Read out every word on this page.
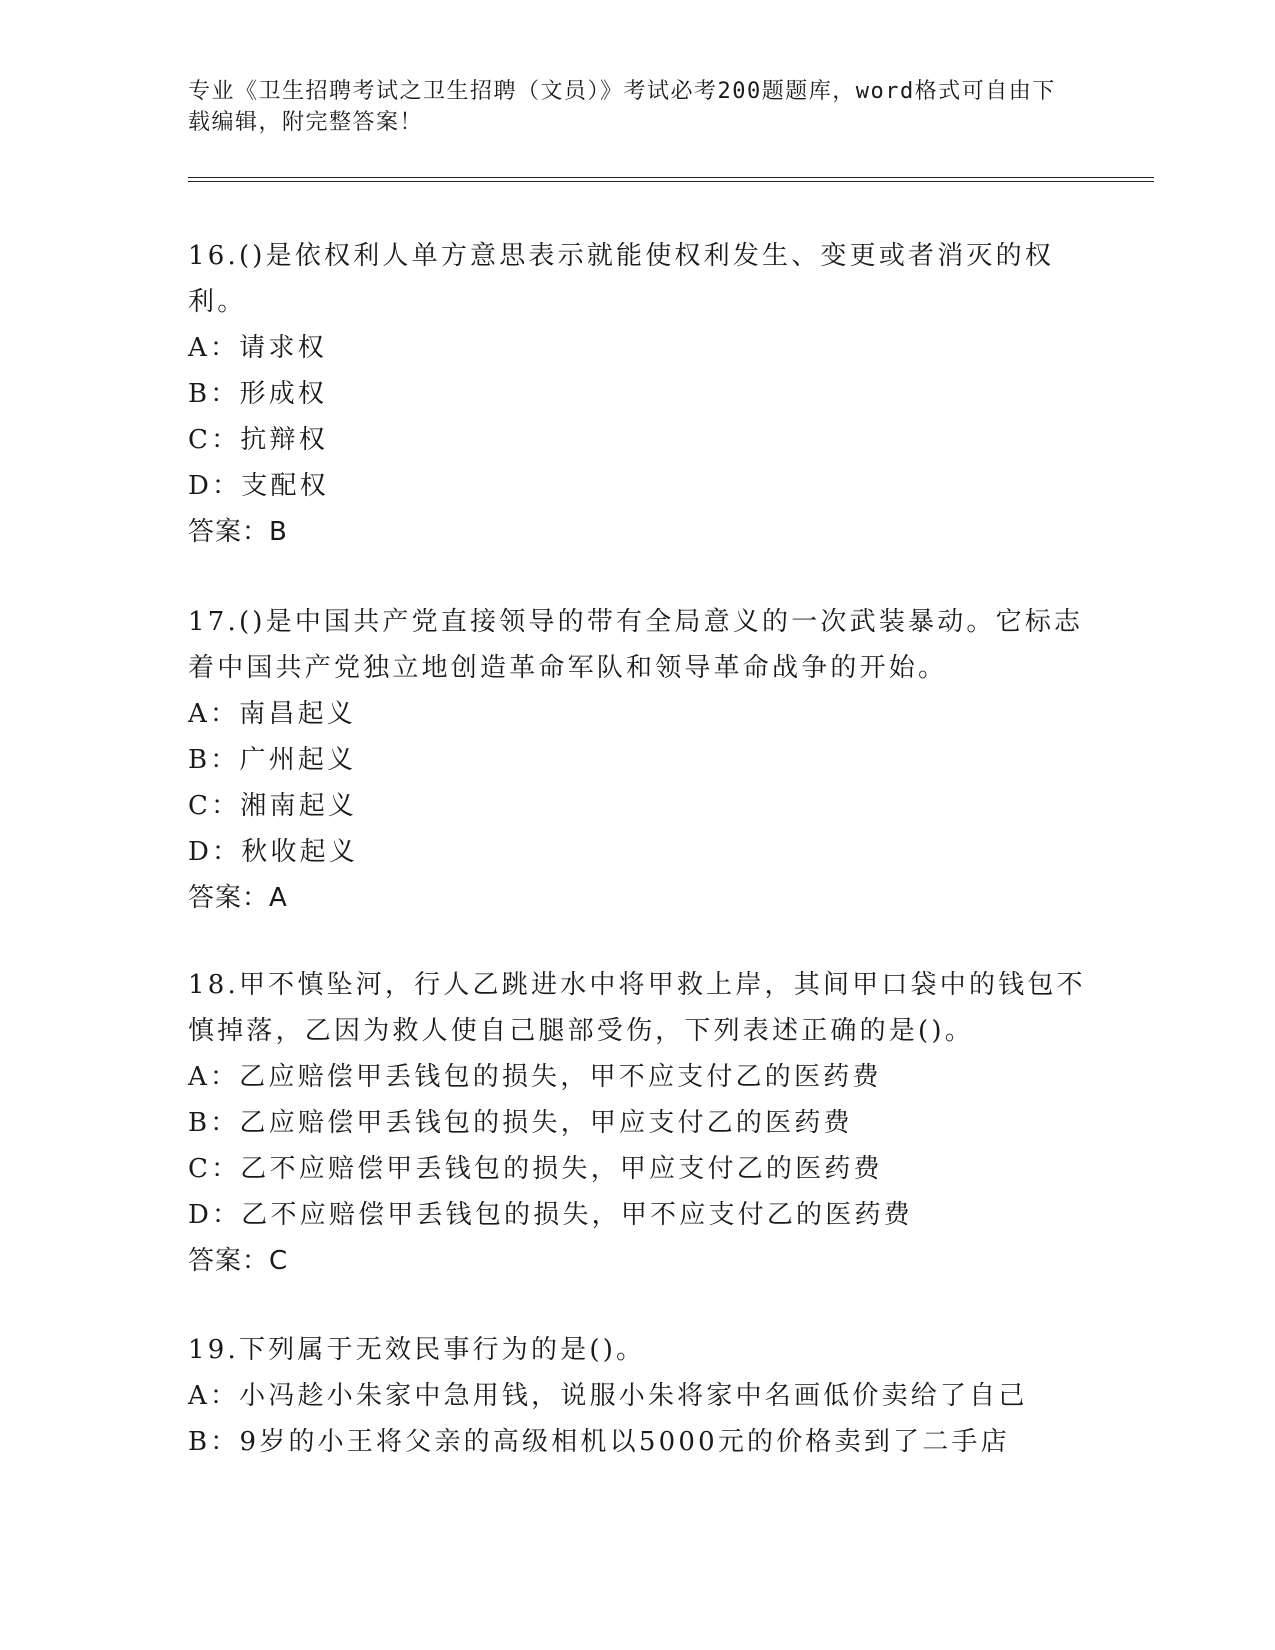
专业《卫生招聘考试之卫生招聘（文员）》考试必考200题题库，word格式可自由下载编辑，附完整答案！
16.()是依权利人单方意思表示就能使权利发生、变更或者消灭的权利。
A：请求权
B：形成权
C：抗辩权
D：支配权
答案：B
17.()是中国共产党直接领导的带有全局意义的一次武装暴动。它标志着中国共产党独立地创造革命军队和领导革命战争的开始。
A：南昌起义
B：广州起义
C：湘南起义
D：秋收起义
答案：A
18.甲不慎坠河，行人乙跳进水中将甲救上岸，其间甲口袋中的钱包不慎掉落，乙因为救人使自己腿部受伤，下列表述正确的是()。
A：乙应赔偿甲丢钱包的损失，甲不应支付乙的医药费
B：乙应赔偿甲丢钱包的损失，甲应支付乙的医药费
C：乙不应赔偿甲丢钱包的损失，甲应支付乙的医药费
D：乙不应赔偿甲丢钱包的损失，甲不应支付乙的医药费
答案：C
19.下列属于无效民事行为的是()。
A：小冯趁小朱家中急用钱，说服小朱将家中名画低价卖给了自己
B：9岁的小王将父亲的高级相机以5000元的价格卖到了二手店
